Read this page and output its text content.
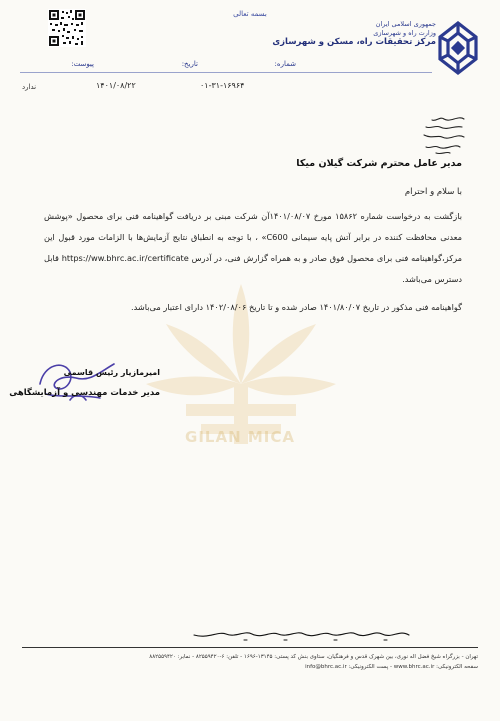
بسمه تعالی
جمهوری اسلامی ایران
وزارت راه و شهرسازی
مرکز تحقیقات راه، مسکن و شهرسازی
شماره:
تاریخ:
پیوست:
ندارد	۱۴۰۱/۰۸/۲۲	۰۱-۳۱-۱۶۹۶۴
GILAN MICA
مدیر عامل محترم شرکت گیلان میکا
با سلام و احترام
بازگشت به درخواست شماره ۱۵۸۶۲ مورخ ۱۴۰۱/۰۸/۰۷آن شرکت مبنی بر دریافت گواهینامه فنی برای محصول «پوشش معدنی محافظت کننده در برابر آتش پایه سیمانی C600» ، با توجه به انطباق نتایج آزمایش‌ها با الزامات مورد قبول این مرکز،گواهینامه فنی برای محصول فوق صادر و به همراه گزارش فنی، در آدرس https://ww.bhrc.ac.ir/certificate قابل دسترس می‌باشد.
گواهینامه فنی مذکور در تاریخ ۱۴۰۱/۸۰/۰۷ صادر شده و تا تاریخ ۱۴۰۲/۰۸/۰۶ دارای اعتبار می‌باشد.
امیرمازیار رئیس قاسمی
مدیر خدمات مهندسی و آزمایشگاهی
تهران - بزرگراه شیخ فضل اله نوری، بین شهرک قدس و فرهنگیان، ستاوی بنش کد پستی: ۱۳۱۴۵-۱۶۹۶ - تلفن: ۶-۸۲۵۵۹۴۲۰ - نمابر: ۸۸۲۵۵۹۴۲۰
سفحه الکترونیکی: www.bhrc.ac.ir - پست الکترونیکی: info@bhrc.ac.ir
